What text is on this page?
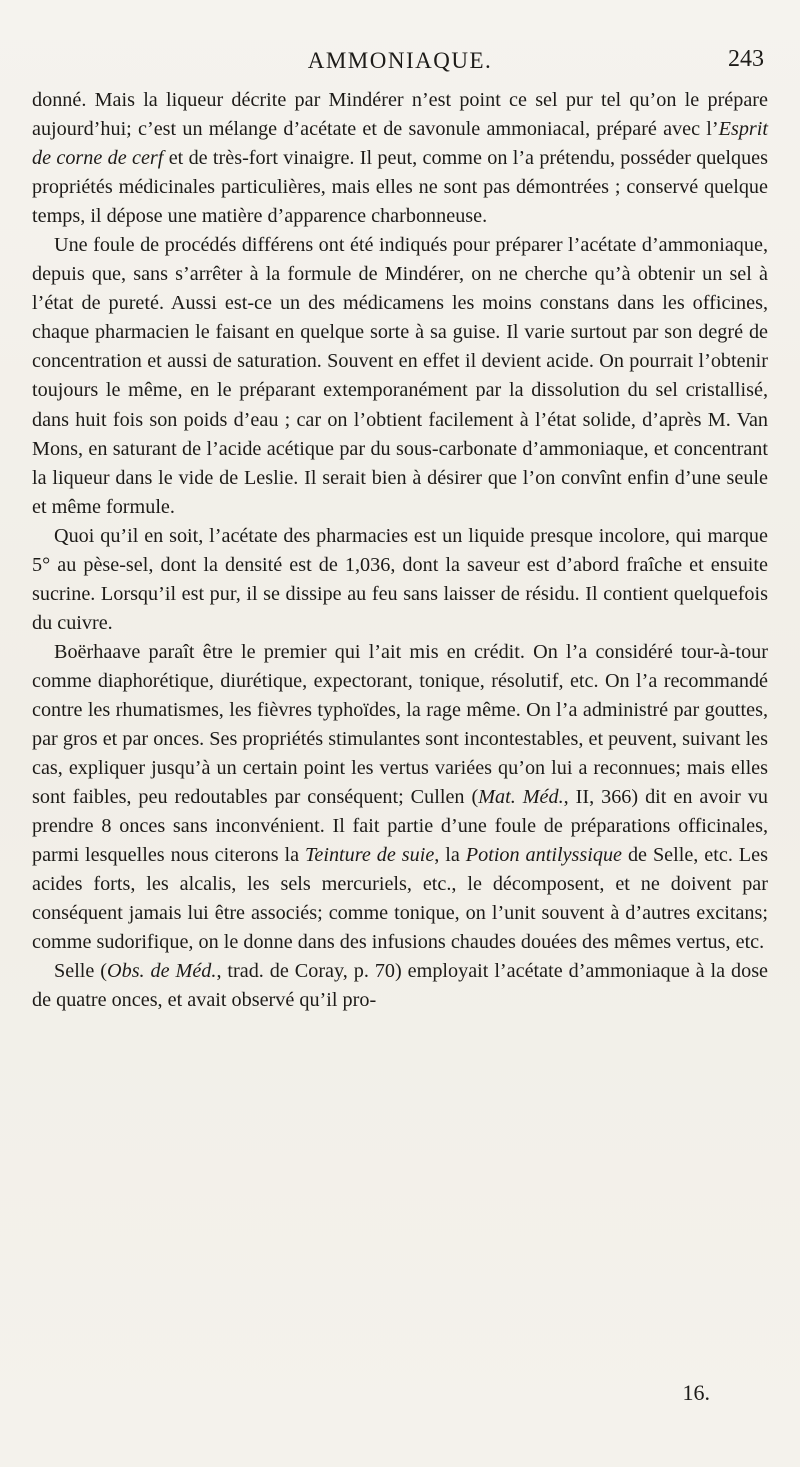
AMMONIAQUE.	243

donné. Mais la liqueur décrite par Mindérer n’est point ce sel pur tel qu’on le prépare aujourd’hui; c’est un mélange d’acétate et de savonule ammoniacal, préparé avec l’Esprit de corne de cerf et de très-fort vinaigre. Il peut, comme on l’a prétendu, posséder quelques propriétés médicinales particulières, mais elles ne sont pas démontrées ; conservé quelque temps, il dépose une matière d’apparence charbonneuse.

Une foule de procédés différens ont été indiqués pour préparer l’acétate d’ammoniaque, depuis que, sans s’arrêter à la formule de Mindérer, on ne cherche qu’à obtenir un sel à l’état de pureté. Aussi est-ce un des médicamens les moins constans dans les officines, chaque pharmacien le faisant en quelque sorte à sa guise. Il varie surtout par son degré de concentration et aussi de saturation. Souvent en effet il devient acide. On pourrait l’obtenir toujours le même, en le préparant extemporanément par la dissolution du sel cristallisé, dans huit fois son poids d’eau ; car on l’obtient facilement à l’état solide, d’après M. Van Mons, en saturant de l’acide acétique par du sous-carbonate d’ammoniaque, et concentrant la liqueur dans le vide de Leslie. Il serait bien à désirer que l’on convînt enfin d’une seule et même formule.

Quoi qu’il en soit, l’acétate des pharmacies est un liquide presque incolore, qui marque 5° au pèse-sel, dont la densité est de 1,036, dont la saveur est d’abord fraîche et ensuite sucrine. Lorsqu’il est pur, il se dissipe au feu sans laisser de résidu. Il contient quelquefois du cuivre.

Boërhaave paraît être le premier qui l’ait mis en crédit. On l’a considéré tour-à-tour comme diaphorétique, diurétique, expectorant, tonique, résolutif, etc. On l’a recommandé contre les rhumatismes, les fièvres typhoïdes, la rage même. On l’a administré par gouttes, par gros et par onces. Ses propriétés stimulantes sont incontestables, et peuvent, suivant les cas, expliquer jusqu’à un certain point les vertus variées qu’on lui a reconnues; mais elles sont faibles, peu redoutables par conséquent; Cullen (Mat. Méd., II, 366) dit en avoir vu prendre 8 onces sans inconvénient. Il fait partie d’une foule de préparations officinales, parmi lesquelles nous citerons la Teinture de suie, la Potion antilyssique de Selle, etc. Les acides forts, les alcalis, les sels mercuriels, etc., le décomposent, et ne doivent par conséquent jamais lui être associés; comme tonique, on l’unit souvent à d’autres excitans; comme sudorifique, on le donne dans des infusions chaudes douées des mêmes vertus, etc.

Selle (Obs. de Méd., trad. de Coray, p. 70) employait l’acétate d’ammoniaque à la dose de quatre onces, et avait observé qu’il pro-

16.
